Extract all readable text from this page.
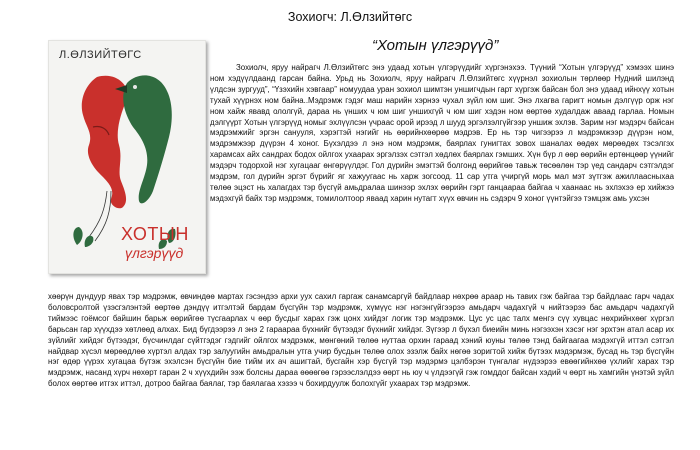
Зохиогч: Л.Өлзийтөгс
“Хотын үлгэрүүд”
Л.ӨЛЗИЙТӨГС
ХОТЫН
үлгэрүүд

Зохиолч, яруу найрагч Л.Өлзийтөгс энэ удаад хотын үлгэрүүдийг хүргэнэхээ. Түүний “Хотын үлгэрүүд” хэмээх шинэ ном хэдүүлдаанд гарсан байна. Урьд нь Зохиолч, яруу найрагч Л.Өлзийтөгс хүүрнэл зохиолын төрлөөр Нудний шилэнд үлдсэн зургууд”, “Үзэхийн хэвгаар” номуудаа уран зохиол шимтэн уншигчдын гарт хүргэж байсан бол энэ удаад ийнхүү хотын тухай хүүрнэх ном байна..Мэдрэмж гэдэг маш нарийн хэрнээ чухал зүйл юм шиг. Энэ лхагва гаригт номын дэлгүүр орж нэг ном хайж явавд ололгүй, дараа нь үншиx ч юм шиг уншихгүй ч юм шиг хэдэн ном өөртөө худалдаж аваад гарлаа. Номын дэлгүүрт Хотын үлгэрүүд номыг эхлүүлсэн үчраас орой ирээд л шууд эргэлзэлгүйгээр уншиж эхлэв. Зарим нэг мэдэрч байсан мэдрэмжийг эргэн санууля, хэрэгтэй нэгийг нь өөрийнхөөрөө мэдрэв. Ер нь тэр чигээрээ л мэдрэмжээр дүүрэн ном, мэдрэмжээр дүүрэн 4 хоног. Бүхэлдээ л энэ ном мэдрэмж, баярлах гунигтах зовох шаналах өөдөх мөрөөдөх тэсэлгэх харамсах айх сандрах бодох ойлгох ухаарах эргэлзэх сэтгэл хөдлөх баярлах гэмших. Хүн бүр л өөр өөрийн ертөнцөөр үүнийг мэдэрч тодорхой нэг хугацааг өнгөрүүлдэг. Гол дүрийн эмэгтэй болгонд өөрийгөө тавьж төсөөлөн тэр үед сандарч сэтгэлдэг мэдрэм, гол дүрийн эргэт бүрийг яг хажуугаас нь харж зогсоод. 11 сар утга үчиргүй морь мал мэт зүтгэж ажиллаасныхаа төлөө эцэст нь халагдах тэр бүсгүй амьдралаа шинээр эхлэх өөрийн гэрт ганцаараа байгаа ч хаанаас нь эхлэхээ ер хийжээ мэдэхгүй байх тэр мэдрэмж, томилолтоор явaад харин нутагт хүүх өвчин нь сэдэрч 9 хоног үүнтэйгээ тэмцэж амь ухсэн

хөөрүн дүндуур явах тэр мэдрэмж, өвчиндөө мартах гэсэндээ архи уух сахил гаргаж санамсаргүй байдлаар нөхрөө араар нь тавих гэж байгаа тэр байдлаас гарч чадах боловсролтой үзэсгэлэнтэй өөртөө дэндүү итгэлтэй бардам бүсгүйн тэр мэдрэмж, хүмүүс нэг нэгэнгүйгээрээ амьдарч чадахгүй ч нийтээрээ бас амьдарч чадахгүй тиймээс гоёмсог байшин барьж өөрийгөө түсгаарлах ч өөр бусдыг харах гэж цонх хийдэг логик тэр мэдрэмж. Цус ус цас талх менгэ сүү хувцас нөхрийнхөөг хүргэл барьсан гар хүүхдээ хөтлөөд алхах. Бид бүгдээрээ л энэ 2 гараараа бүхнийг бүтээдэг бүхнийг хийдэг. Зүгээр л бүхэл биеийн минь нэгээхэн хэсэг нэг эрхтэн атал асар их зүйлийг хийдэг бүтээдэг, бүсчинлдаг сүйтгэдэг гэдгийг ойлгох мэдрэмж, мөнгөний төлөө нуттаа орхин гараад хэний юуны төлөө тэнд байгаагаа мэдэхгүй иттэл сэтгэл найдвар хүсэл мөрөөдлөө хүртэл алдах тэр залуугийн амьдралын утга учир бусдын төлөө олох эзэлж байх нөгөө зоригтой хийж бүтээх мэдэрмэж, бусад нь тэр бүсгүйн нэг өдөр үүрэх хугацаа бүтэж эхэлсэн бүсгүйн бие тийм их ач ашигтай, бусгайн хэр бүсгүй тэр мэдэрмэ цэлбэрэн түнгалаг нүдээрээ евөөгийнхөө үхлийг харах тэр мэдрэмж, насанд хүрч нөхөрт гаран 2 ч хүүхдийн ээж болсны дараа өөөөгөө гэрээслэлдээ өөрт нь юу ч үлдээгүй гэж гомддог байсан хэдий ч өөрт нь хамгийн үнэтэй зүйл болох өөртөө итгэх иттэл, дотроо байгаа баялаг, тэр баялагаа хэзээ ч бохирдуулж болохгүйг ухаарах тэр мэдрэмж.
